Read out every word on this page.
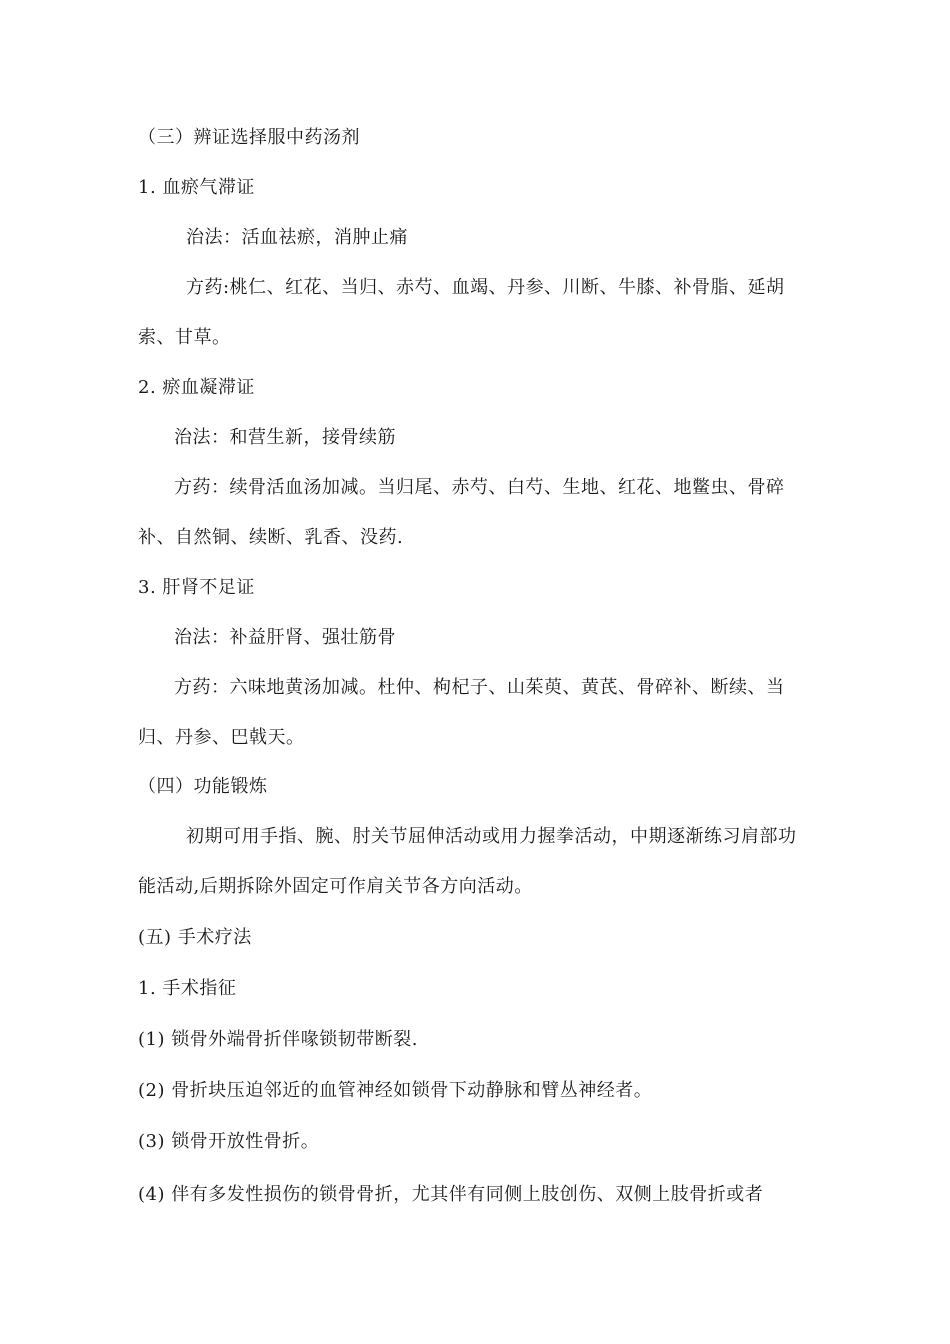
（三）辨证选择服中药汤剂
1. 血瘀气滞证
治法：活血祛瘀，消肿止痛
方药:桃仁、红花、当归、赤芍、血竭、丹参、川断、牛膝、补骨脂、延胡
索、甘草。
2. 瘀血凝滞证
治法：和营生新，接骨续筋
方药：续骨活血汤加减。当归尾、赤芍、白芍、生地、红花、地鳖虫、骨碎
补、自然铜、续断、乳香、没药.
3. 肝肾不足证
治法：补益肝肾、强壮筋骨
方药：六味地黄汤加减。杜仲、枸杞子、山茱萸、黄芪、骨碎补、断续、当
归、丹参、巴戟天。
（四）功能锻炼
初期可用手指、腕、肘关节屈伸活动或用力握拳活动，中期逐渐练习肩部功
能活动,后期拆除外固定可作肩关节各方向活动。
(五) 手术疗法
1. 手术指征
(1) 锁骨外端骨折伴喙锁韧带断裂.
(2) 骨折块压迫邻近的血管神经如锁骨下动静脉和臂丛神经者。
(3) 锁骨开放性骨折。
(4) 伴有多发性损伤的锁骨骨折，尤其伴有同侧上肢创伤、双侧上肢骨折或者
